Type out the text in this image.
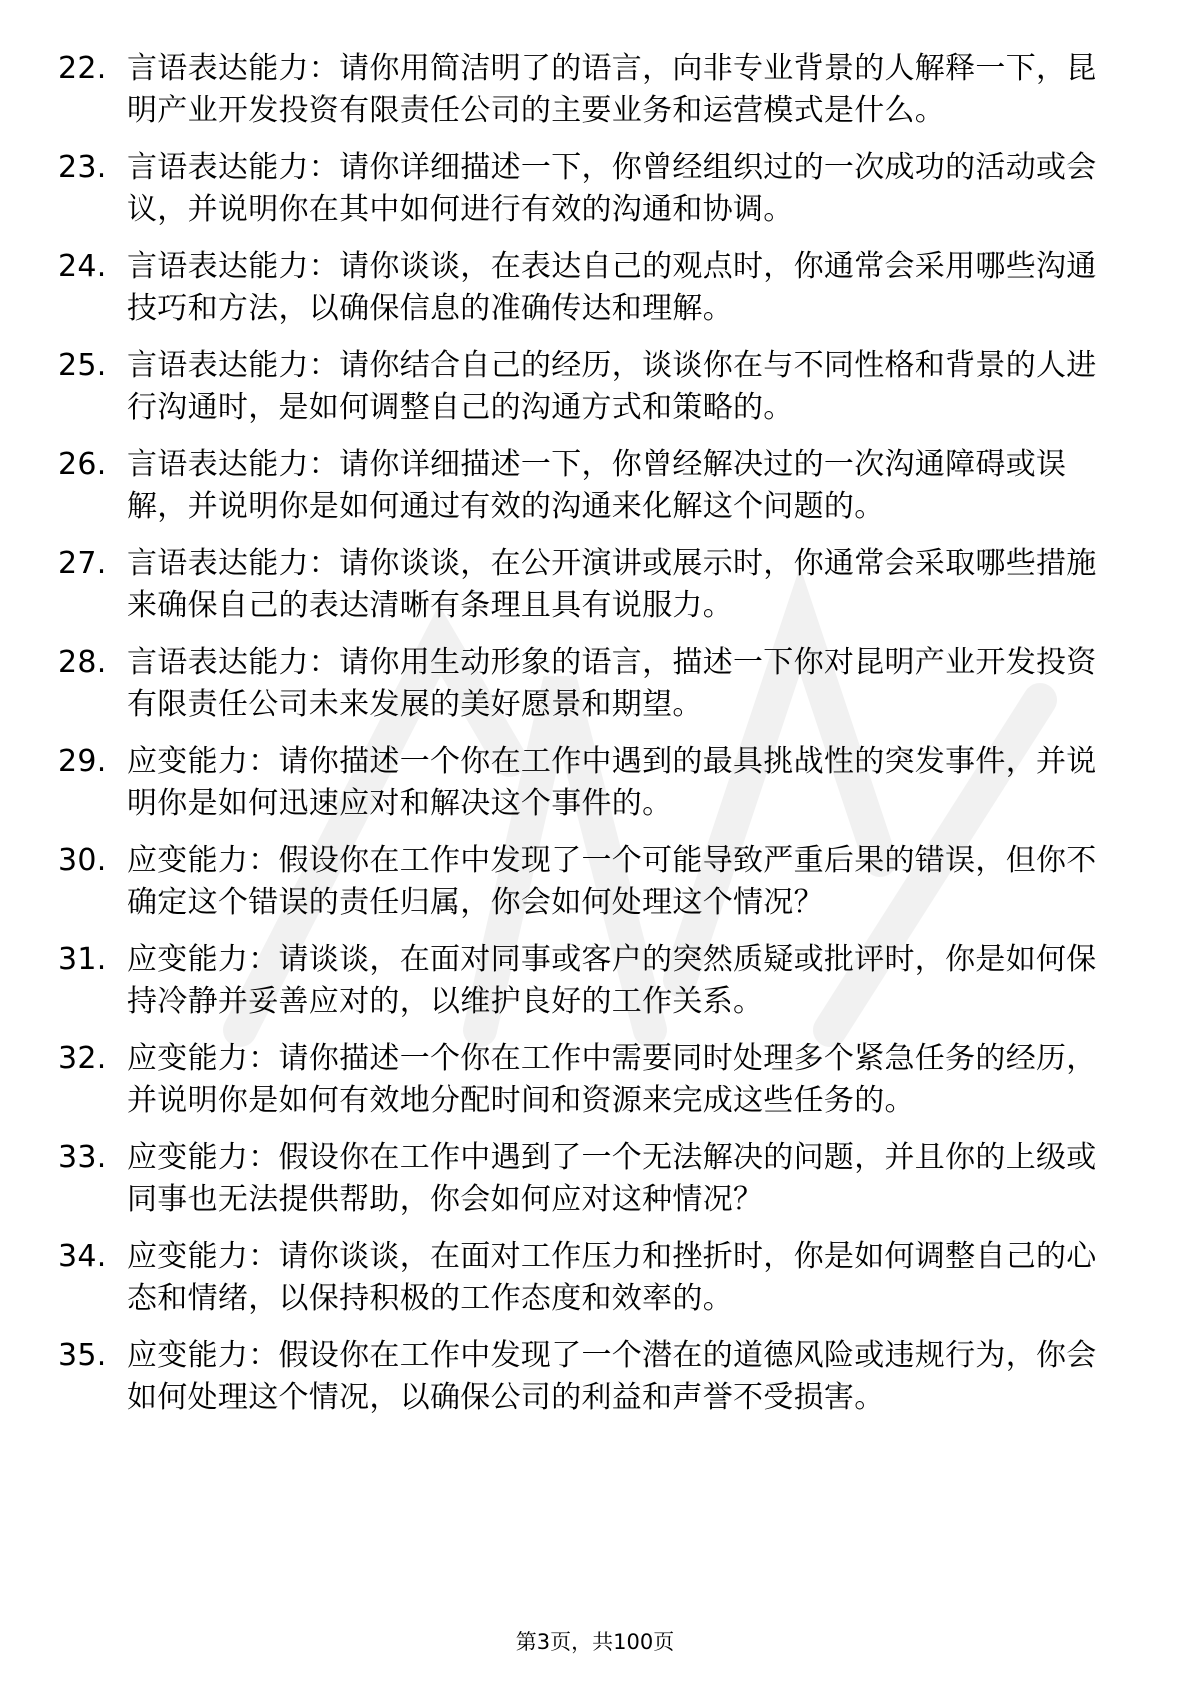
22. 言语表达能力：请你用简洁明了的语言，向非专业背景的人解释一下，昆明产业开发投资有限责任公司的主要业务和运营模式是什么。
23. 言语表达能力：请你详细描述一下，你曾经组织过的一次成功的活动或会议，并说明你在其中如何进行有效的沟通和协调。
24. 言语表达能力：请你谈谈，在表达自己的观点时，你通常会采用哪些沟通技巧和方法，以确保信息的准确传达和理解。
25. 言语表达能力：请你结合自己的经历，谈谈你在与不同性格和背景的人进行沟通时，是如何调整自己的沟通方式和策略的。
26. 言语表达能力：请你详细描述一下，你曾经解决过的一次沟通障碍或误解，并说明你是如何通过有效的沟通来化解这个问题的。
27. 言语表达能力：请你谈谈，在公开演讲或展示时，你通常会采取哪些措施来确保自己的表达清晰有条理且具有说服力。
28. 言语表达能力：请你用生动形象的语言，描述一下你对昆明产业开发投资有限责任公司未来发展的美好愿景和期望。
29. 应变能力：请你描述一个你在工作中遇到的最具挑战性的突发事件，并说明你是如何迅速应对和解决这个事件的。
30. 应变能力：假设你在工作中发现了一个可能导致严重后果的错误，但你不确定这个错误的责任归属，你会如何处理这个情况？
31. 应变能力：请谈谈，在面对同事或客户的突然质疑或批评时，你是如何保持冷静并妥善应对的，以维护良好的工作关系。
32. 应变能力：请你描述一个你在工作中需要同时处理多个紧急任务的经历，并说明你是如何有效地分配时间和资源来完成这些任务的。
33. 应变能力：假设你在工作中遇到了一个无法解决的问题，并且你的上级或同事也无法提供帮助，你会如何应对这种情况？
34. 应变能力：请你谈谈，在面对工作压力和挫折时，你是如何调整自己的心态和情绪，以保持积极的工作态度和效率的。
35. 应变能力：假设你在工作中发现了一个潜在的道德风险或违规行为，你会如何处理这个情况，以确保公司的利益和声誉不受损害。
第3页，共100页
